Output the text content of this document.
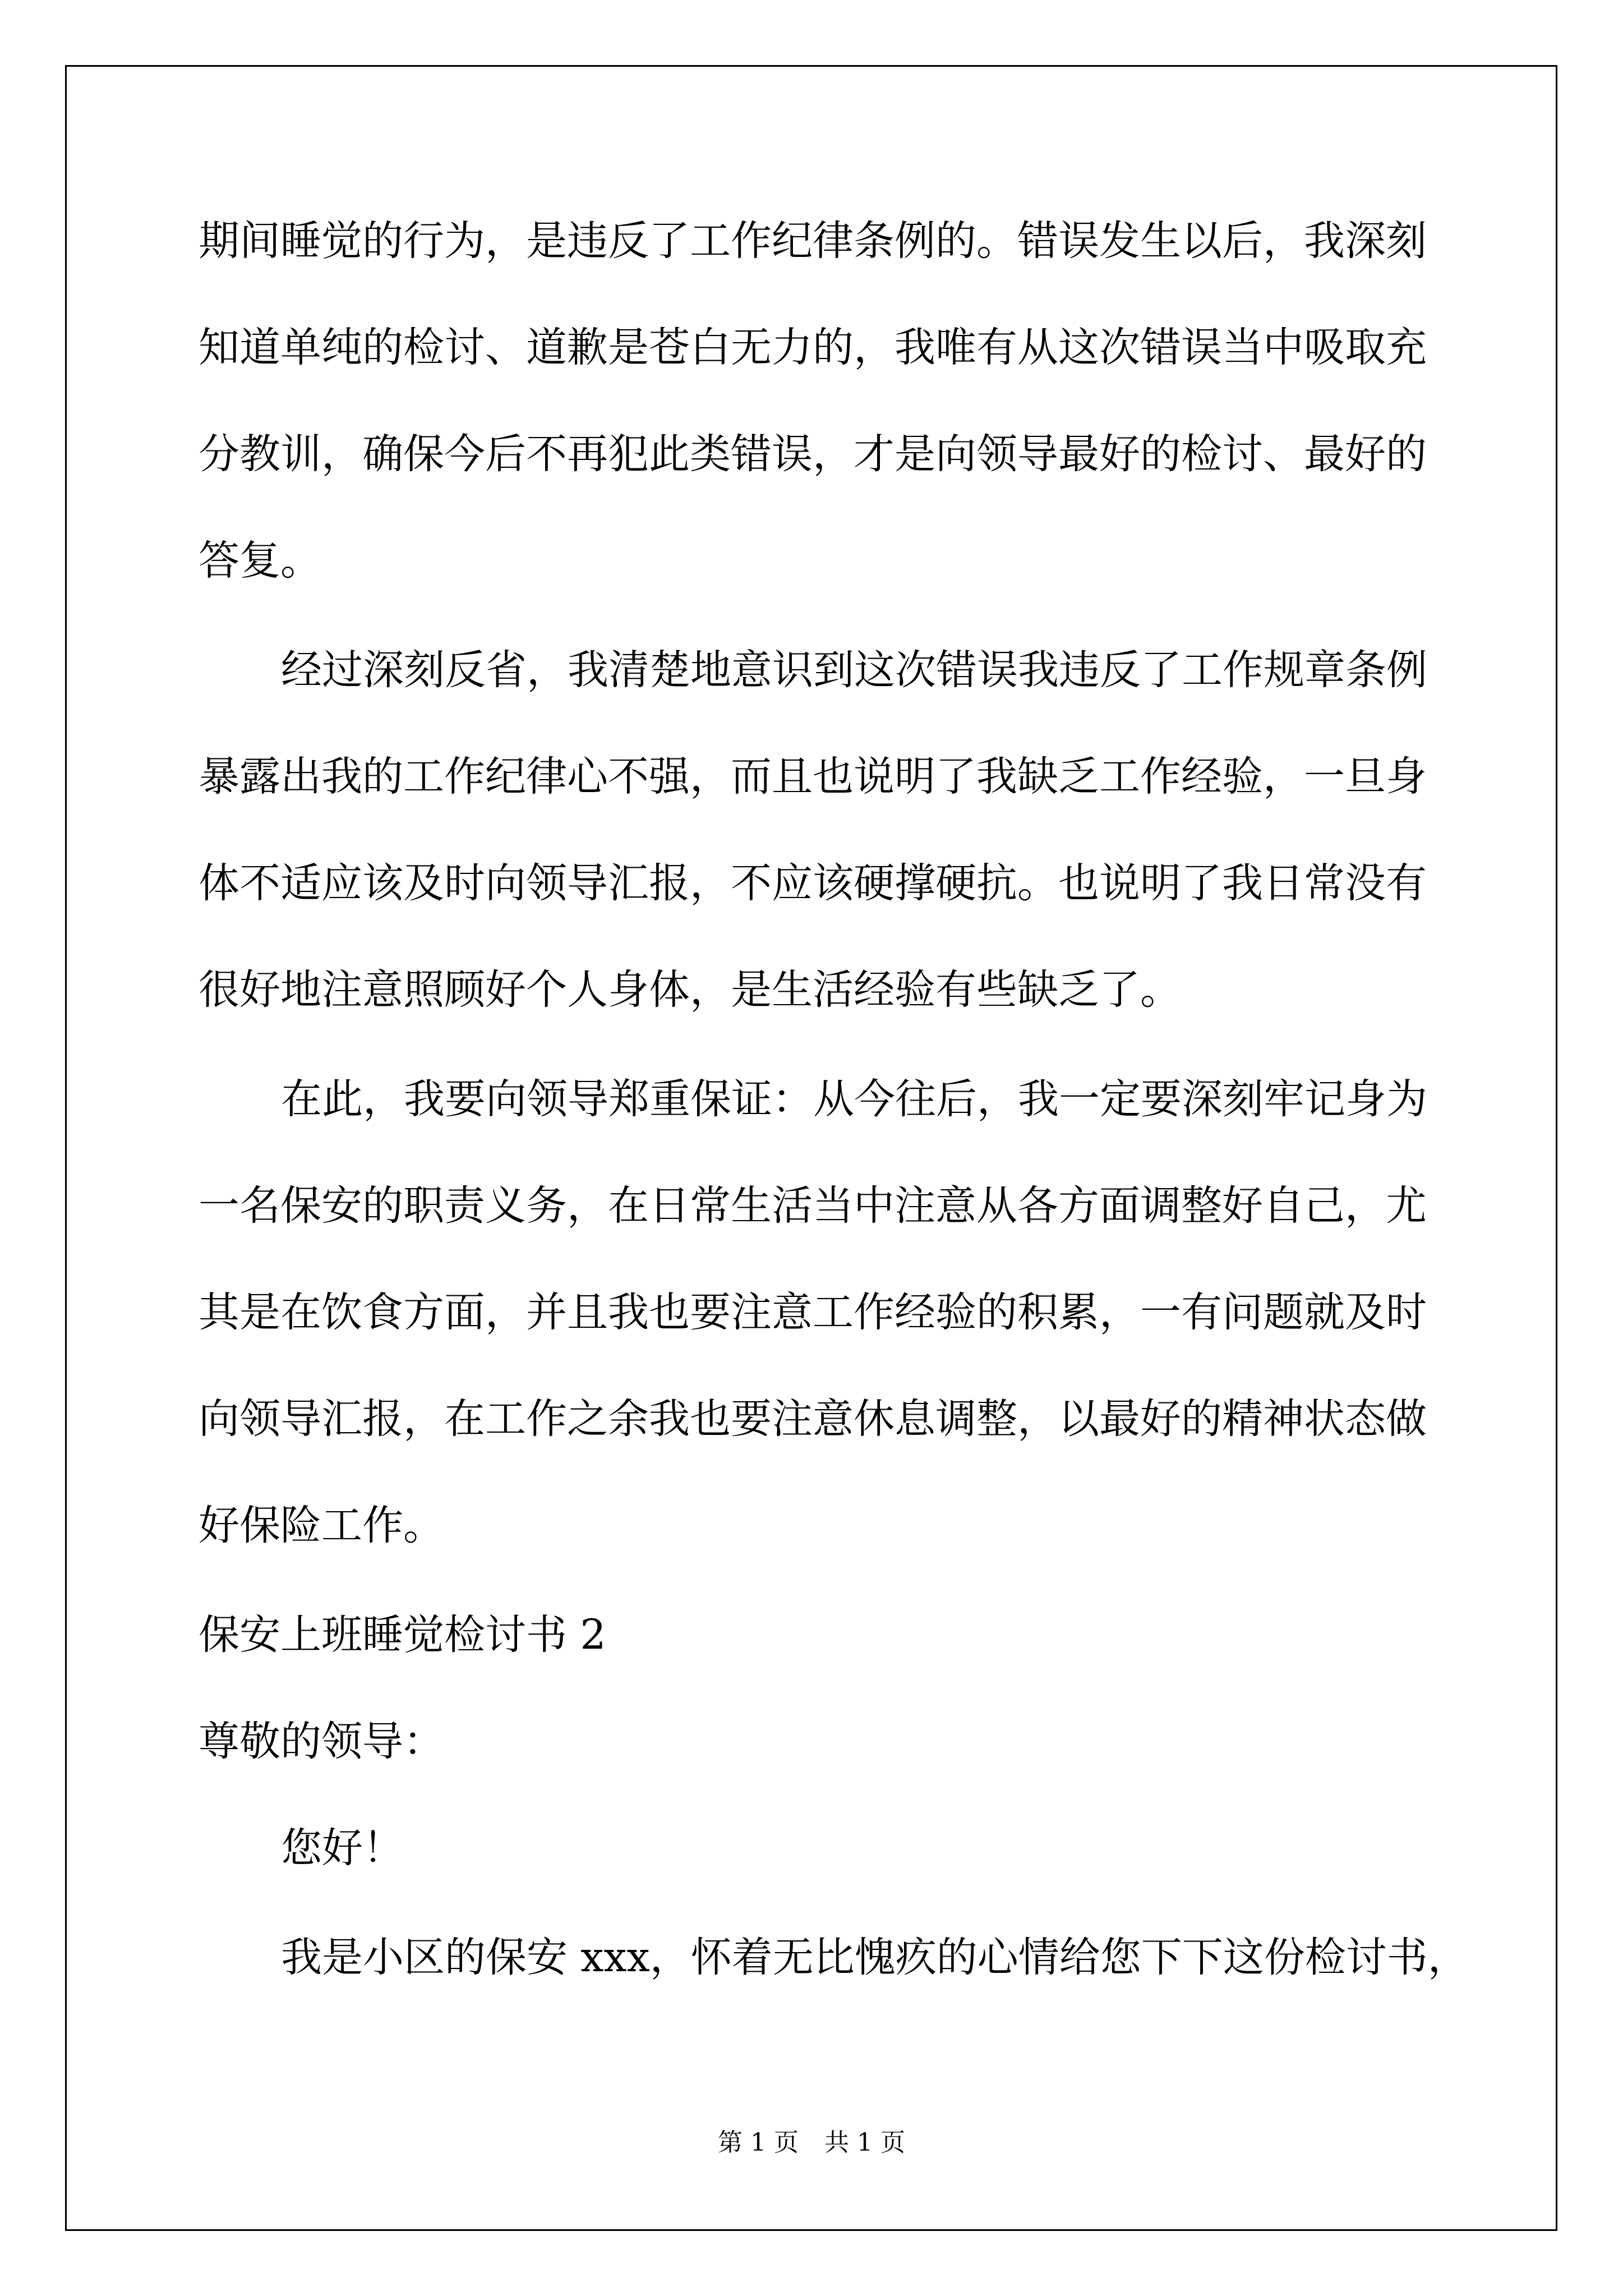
期间睡觉的行为，是违反了工作纪律条例的。错误发生以后，我深刻
知道单纯的检讨、道歉是苍白无力的，我唯有从这次错误当中吸取充
分教训，确保今后不再犯此类错误，才是向领导最好的检讨、最好的
答复。
经过深刻反省，我清楚地意识到这次错误我违反了工作规章条例
暴露出我的工作纪律心不强，而且也说明了我缺乏工作经验，一旦身
体不适应该及时向领导汇报，不应该硬撑硬抗。也说明了我日常没有
很好地注意照顾好个人身体，是生活经验有些缺乏了。
在此，我要向领导郑重保证：从今往后，我一定要深刻牢记身为
一名保安的职责义务，在日常生活当中注意从各方面调整好自己，尤
其是在饮食方面，并且我也要注意工作经验的积累，一有问题就及时
向领导汇报，在工作之余我也要注意休息调整，以最好的精神状态做
好保险工作。
保安上班睡觉检讨书 2
尊敬的领导：
您好！
我是小区的保安 xxx，怀着无比愧疚的心情给您下下这份检讨书，
第 1 页 共 1 页
